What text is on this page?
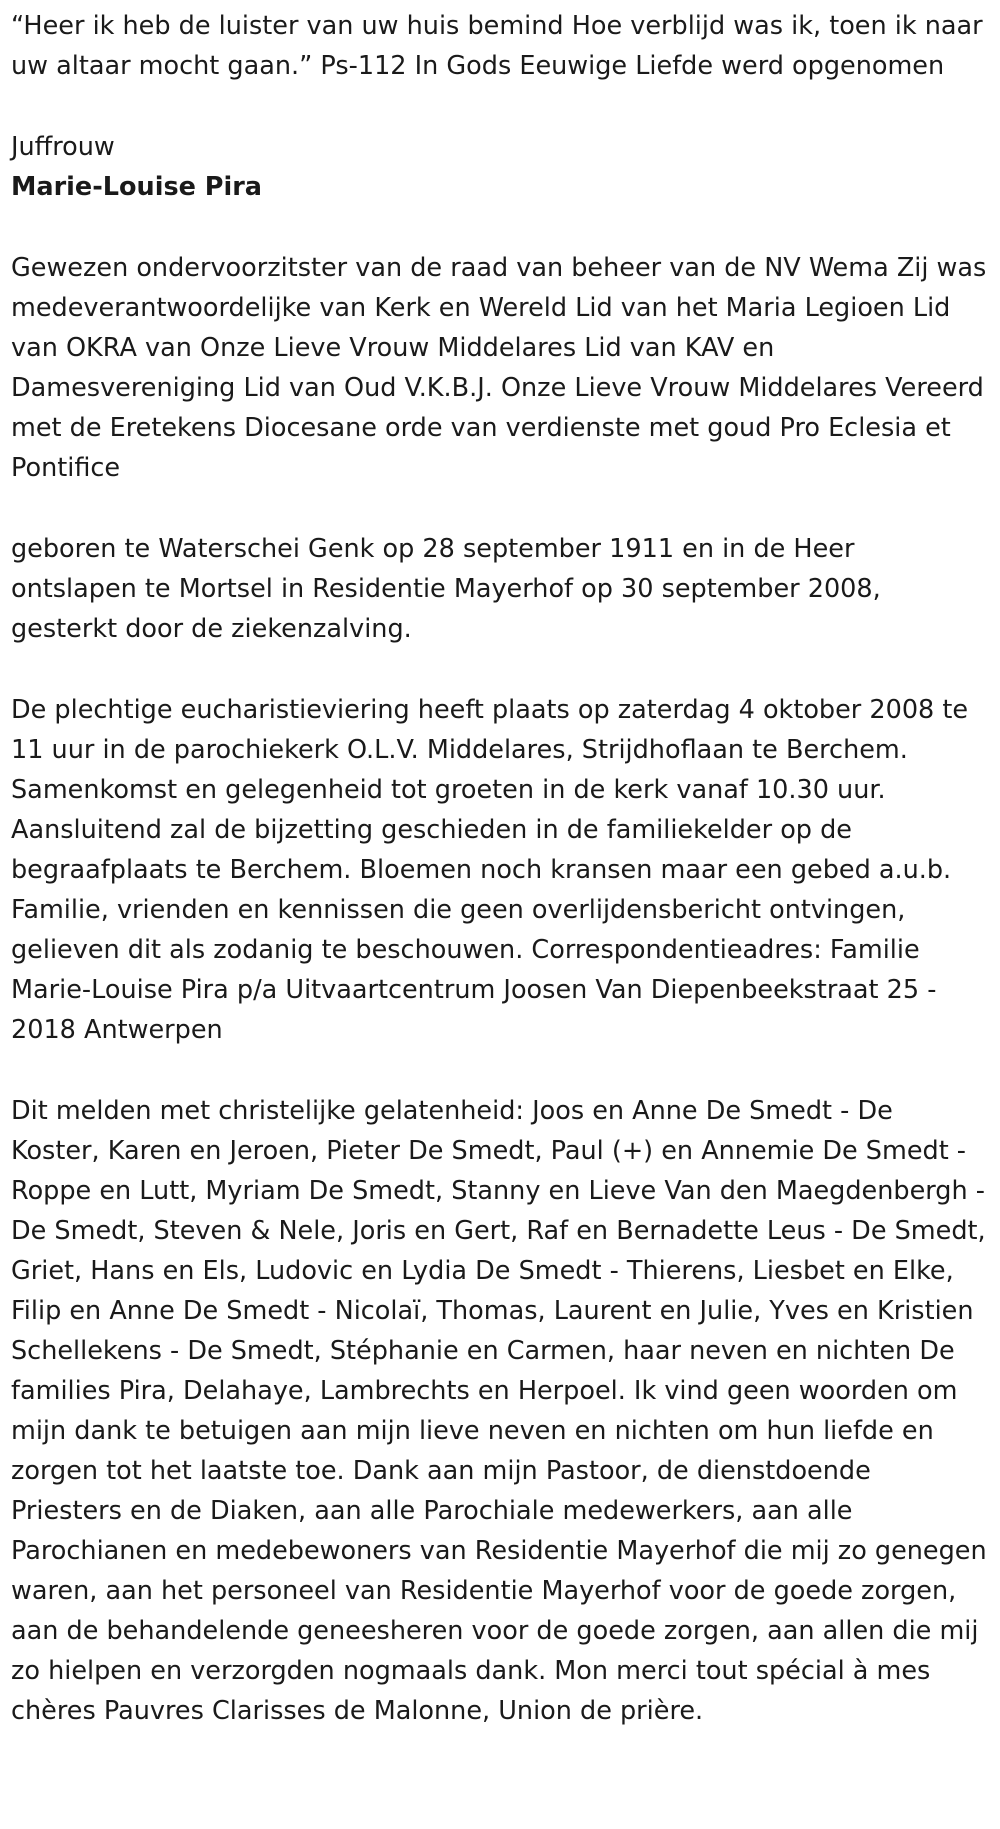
“Heer ik heb de luister van uw huis bemind Hoe verblijd was ik, toen ik naar uw altaar mocht gaan.” Ps-112 In Gods Eeuwige Liefde werd opgenomen

Juffrouw

Marie-Louise Pira

Gewezen ondervoorzitster van de raad van beheer van de NV Wema Zij was medeverantwoordelijke van Kerk en Wereld Lid van het Maria Legioen Lid van OKRA van Onze Lieve Vrouw Middelares Lid van KAV en Damesvereniging Lid van Oud V.K.B.J. Onze Lieve Vrouw Middelares Vereerd met de Eretekens Diocesane orde van verdienste met goud Pro Eclesia et Pontifice

geboren te Waterschei Genk op 28 september 1911 en in de Heer ontslapen te Mortsel in Residentie Mayerhof op 30 september 2008, gesterkt door de ziekenzalving.

De plechtige eucharistieviering heeft plaats op zaterdag 4 oktober 2008 te 11 uur in de parochiekerk O.L.V. Middelares, Strijdhoflaan te Berchem. Samenkomst en gelegenheid tot groeten in de kerk vanaf 10.30 uur. Aansluitend zal de bijzetting geschieden in de familiekelder op de begraafplaats te Berchem. Bloemen noch kransen maar een gebed a.u.b. Familie, vrienden en kennissen die geen overlijdensbericht ontvingen, gelieven dit als zodanig te beschouwen. Correspondentieadres: Familie Marie-Louise Pira p/a Uitvaartcentrum Joosen Van Diepenbeekstraat 25 - 2018 Antwerpen

Dit melden met christelijke gelatenheid: Joos en Anne De Smedt - De Koster, Karen en Jeroen, Pieter De Smedt, Paul (+) en Annemie De Smedt - Roppe en Lutt, Myriam De Smedt, Stanny en Lieve Van den Maegdenbergh - De Smedt, Steven & Nele, Joris en Gert, Raf en Bernadette Leus - De Smedt, Griet, Hans en Els, Ludovic en Lydia De Smedt - Thierens, Liesbet en Elke, Filip en Anne De Smedt - Nicolaï, Thomas, Laurent en Julie, Yves en Kristien Schellekens - De Smedt, Stéphanie en Carmen, haar neven en nichten De families Pira, Delahaye, Lambrechts en Herpoel. Ik vind geen woorden om mijn dank te betuigen aan mijn lieve neven en nichten om hun liefde en zorgen tot het laatste toe. Dank aan mijn Pastoor, de dienstdoende Priesters en de Diaken, aan alle Parochiale medewerkers, aan alle Parochianen en medebewoners van Residentie Mayerhof die mij zo genegen waren, aan het personeel van Residentie Mayerhof voor de goede zorgen, aan de behandelende geneesheren voor de goede zorgen, aan allen die mij zo hielpen en verzorgden nogmaals dank. Mon merci tout spécial à mes chères Pauvres Clarisses de Malonne, Union de prière.
